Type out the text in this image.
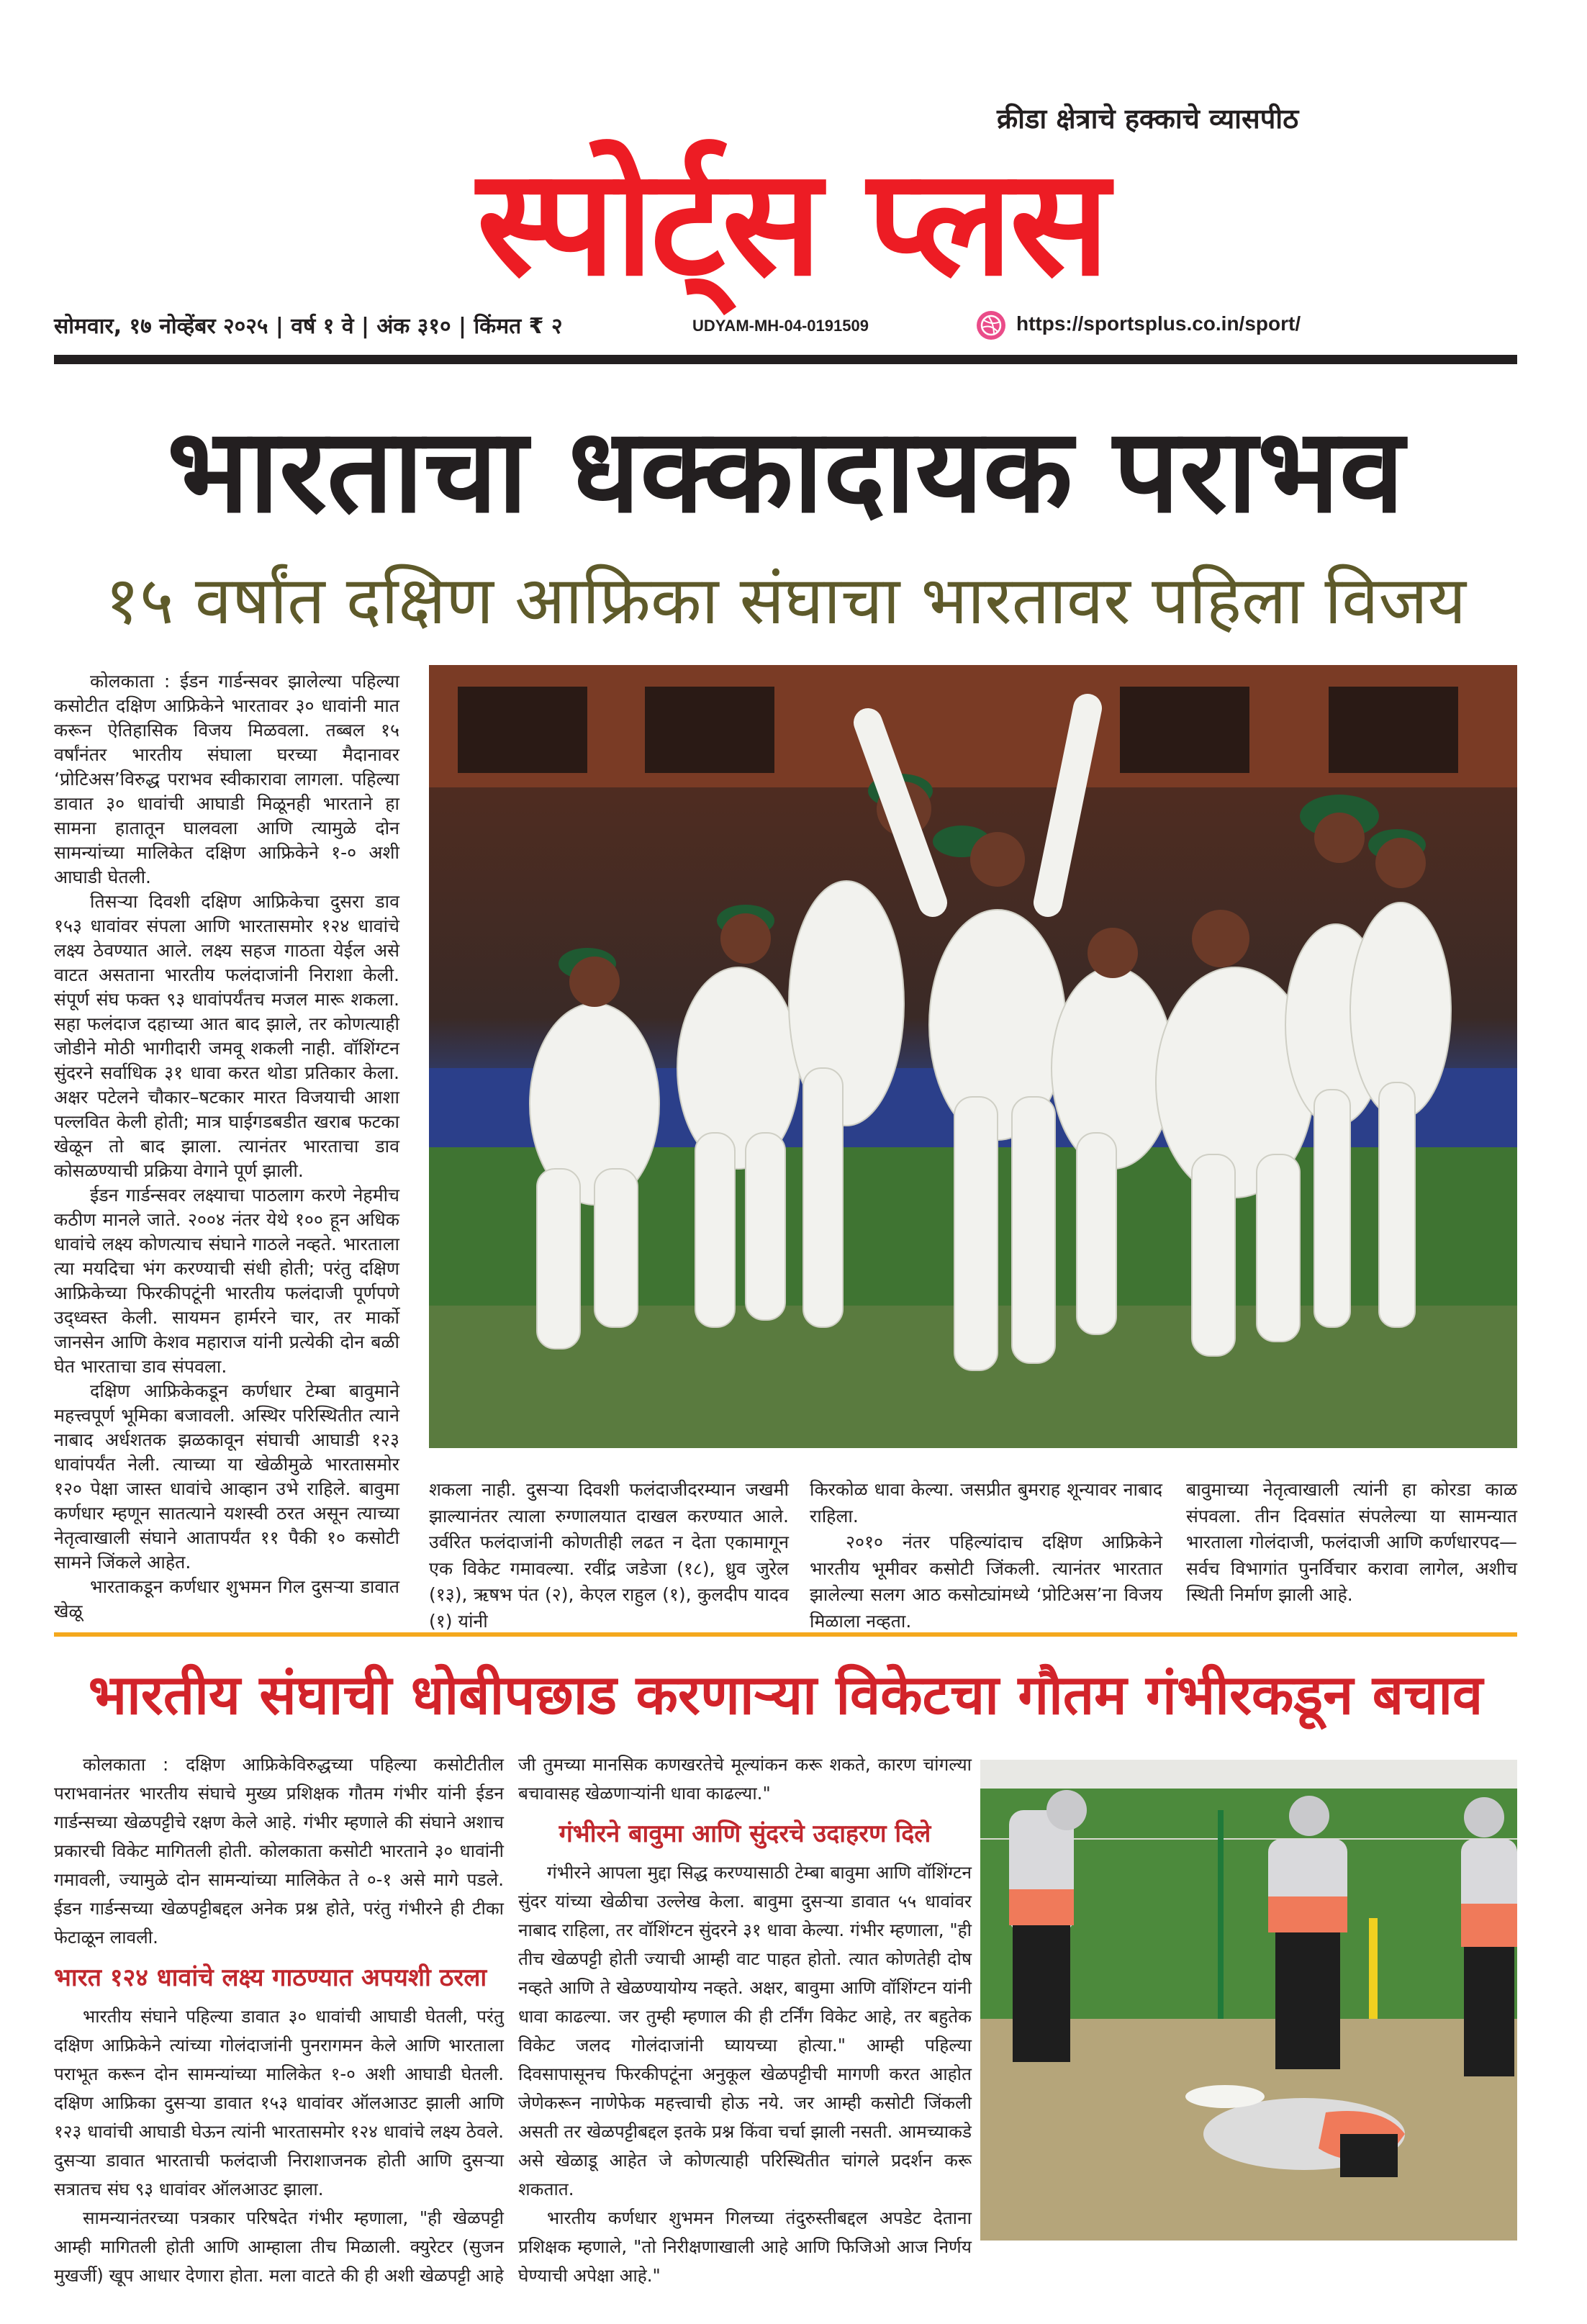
स्पोर्ट्स प्लस
क्रीडा क्षेत्राचे हक्काचे व्यासपीठ
सोमवार, १७ नोव्हेंबर २०२५ | वर्ष १ वे | अंक ३१० | किंमत ₹ २	UDYAM-MH-04-0191509	https://sportsplus.co.in/sport/
भारताचा धक्कादायक पराभव
१५ वर्षांत दक्षिण आफ्रिका संघाचा भारतावर पहिला विजय

कोलकाता : ईडन गार्डन्सवर झालेल्या पहिल्या कसोटीत दक्षिण आफ्रिकेने भारतावर ३० धावांनी मात करून ऐतिहासिक विजय मिळवला. तब्बल १५ वर्षांनंतर भारतीय संघाला घरच्या मैदानावर ‘प्रोटिअस’विरुद्ध पराभव स्वीकारावा लागला. पहिल्या डावात ३० धावांची आघाडी मिळूनही भारताने हा सामना हातातून घालवला आणि त्यामुळे दोन सामन्यांच्या मालिकेत दक्षिण आफ्रिकेने १-० अशी आघाडी घेतली.

तिसऱ्या दिवशी दक्षिण आफ्रिकेचा दुसरा डाव १५३ धावांवर संपला आणि भारतासमोर १२४ धावांचे लक्ष्य ठेवण्यात आले. लक्ष्य सहज गाठता येईल असे वाटत असताना भारतीय फलंदाजांनी निराशा केली. संपूर्ण संघ फक्त ९३ धावांपर्यंतच मजल मारू शकला. सहा फलंदाज दहाच्या आत बाद झाले, तर कोणत्याही जोडीने मोठी भागीदारी जमवू शकली नाही. वॉशिंग्टन सुंदरने सर्वाधिक ३१ धावा करत थोडा प्रतिकार केला. अक्षर पटेलने चौकार–षटकार मारत विजयाची आशा पल्लवित केली होती; मात्र घाईगडबडीत खराब फटका खेळून तो बाद झाला. त्यानंतर भारताचा डाव कोसळण्याची प्रक्रिया वेगाने पूर्ण झाली.

ईडन गार्डन्सवर लक्ष्याचा पाठलाग करणे नेहमीच कठीण मानले जाते. २००४ नंतर येथे १०० हून अधिक धावांचे लक्ष्य कोणत्याच संघाने गाठले नव्हते. भारताला त्या मयदिचा भंग करण्याची संधी होती; परंतु दक्षिण आफ्रिकेच्या फिरकीपटूंनी भारतीय फलंदाजी पूर्णपणे उद्ध्वस्त केली. सायमन हार्मरने चार, तर मार्को जानसेन आणि केशव महाराज यांनी प्रत्येकी दोन बळी घेत भारताचा डाव संपवला.

दक्षिण आफ्रिकेकडून कर्णधार टेम्बा बावुमाने महत्त्वपूर्ण भूमिका बजावली. अस्थिर परिस्थितीत त्याने नाबाद अर्धशतक झळकावून संघाची आघाडी १२३ धावांपर्यंत नेली. त्याच्या या खेळीमुळे भारतासमोर १२० पेक्षा जास्त धावांचे आव्हान उभे राहिले. बावुमा कर्णधार म्हणून सातत्याने यशस्वी ठरत असून त्याच्या नेतृत्वाखाली संघाने आतापर्यंत ११ पैकी १० कसोटी सामने जिंकले आहेत.

भारताकडून कर्णधार शुभमन गिल दुसऱ्या डावात खेळू

शकला नाही. दुसऱ्या दिवशी फलंदाजीदरम्यान जखमी झाल्यानंतर त्याला रुग्णालयात दाखल करण्यात आले. उर्वरित फलंदाजांनी कोणतीही लढत न देता एकामागून एक विकेट गमावल्या. रवींद्र जडेजा (१८), ध्रुव जुरेल (१३), ऋषभ पंत (२), केएल राहुल (१), कुलदीप यादव (१) यांनी

किरकोळ धावा केल्या. जसप्रीत बुमराह शून्यावर नाबाद राहिला.

२०१० नंतर पहिल्यांदाच दक्षिण आफ्रिकेने भारतीय भूमीवर कसोटी जिंकली. त्यानंतर भारतात झालेल्या सलग आठ कसोट्यांमध्ये ‘प्रोटिअस’ना विजय मिळाला नव्हता.

बावुमाच्या नेतृत्वाखाली त्यांनी हा कोरडा काळ संपवला. तीन दिवसांत संपलेल्या या सामन्यात भारताला गोलंदाजी, फलंदाजी आणि कर्णधारपद—सर्वच विभागांत पुनर्विचार करावा लागेल, अशीच स्थिती निर्माण झाली आहे.

भारतीय संघाची धोबीपछाड करणाऱ्या विकेटचा गौतम गंभीरकडून बचाव

कोलकाता : दक्षिण आफ्रिकेविरुद्धच्या पहिल्या कसोटीतील पराभवानंतर भारतीय संघाचे मुख्य प्रशिक्षक गौतम गंभीर यांनी ईडन गार्डन्सच्या खेळपट्टीचे रक्षण केले आहे. गंभीर म्हणाले की संघाने अशाच प्रकारची विकेट मागितली होती. कोलकाता कसोटी भारताने ३० धावांनी गमावली, ज्यामुळे दोन सामन्यांच्या मालिकेत ते ०-१ असे मागे पडले. ईडन गार्डन्सच्या खेळपट्टीबद्दल अनेक प्रश्न होते, परंतु गंभीरने ही टीका फेटाळून लावली.

भारत १२४ धावांचे लक्ष्य गाठण्यात अपयशी ठरला

भारतीय संघाने पहिल्या डावात ३० धावांची आघाडी घेतली, परंतु दक्षिण आफ्रिकेने त्यांच्या गोलंदाजांनी पुनरागमन केले आणि भारताला पराभूत करून दोन सामन्यांच्या मालिकेत १-० अशी आघाडी घेतली. दक्षिण आफ्रिका दुसऱ्या डावात १५३ धावांवर ऑलआउट झाली आणि १२३ धावांची आघाडी घेऊन त्यांनी भारतासमोर १२४ धावांचे लक्ष्य ठेवले. दुसऱ्या डावात भारताची फलंदाजी निराशाजनक होती आणि दुसऱ्या सत्रातच संघ ९३ धावांवर ऑलआउट झाला.

सामन्यानंतरच्या पत्रकार परिषदेत गंभीर म्हणाला, "ही खेळपट्टी आम्ही मागितली होती आणि आम्हाला तीच मिळाली. क्युरेटर (सुजन मुखर्जी) खूप आधार देणारा होता. मला वाटते की ही अशी खेळपट्टी आहे

जी तुमच्या मानसिक कणखरतेचे मूल्यांकन करू शकते, कारण चांगल्या बचावासह खेळणाऱ्यांनी धावा काढल्या."

गंभीरने बावुमा आणि सुंदरचे उदाहरण दिले

गंभीरने आपला मुद्दा सिद्ध करण्यासाठी टेम्बा बावुमा आणि वॉशिंग्टन सुंदर यांच्या खेळीचा उल्लेख केला. बावुमा दुसऱ्या डावात ५५ धावांवर नाबाद राहिला, तर वॉशिंग्टन सुंदरने ३१ धावा केल्या. गंभीर म्हणाला, "ही तीच खेळपट्टी होती ज्याची आम्ही वाट पाहत होतो. त्यात कोणतेही दोष नव्हते आणि ते खेळण्यायोग्य नव्हते. अक्षर, बावुमा आणि वॉशिंग्टन यांनी धावा काढल्या. जर तुम्ही म्हणाल की ही टर्निंग विकेट आहे, तर बहुतेक विकेट जलद गोलंदाजांनी घ्यायच्या होत्या." आम्ही पहिल्या दिवसापासूनच फिरकीपटूंना अनुकूल खेळपट्टीची मागणी करत आहोत जेणेकरून नाणेफेक महत्त्वाची होऊ नये. जर आम्ही कसोटी जिंकली असती तर खेळपट्टीबद्दल इतके प्रश्न किंवा चर्चा झाली नसती. आमच्याकडे असे खेळाडू आहेत जे कोणत्याही परिस्थितीत चांगले प्रदर्शन करू शकतात.

भारतीय कर्णधार शुभमन गिलच्या तंदुरुस्तीबद्दल अपडेट देताना प्रशिक्षक म्हणाले, "तो निरीक्षणाखाली आहे आणि फिजिओ आज निर्णय घेण्याची अपेक्षा आहे."
